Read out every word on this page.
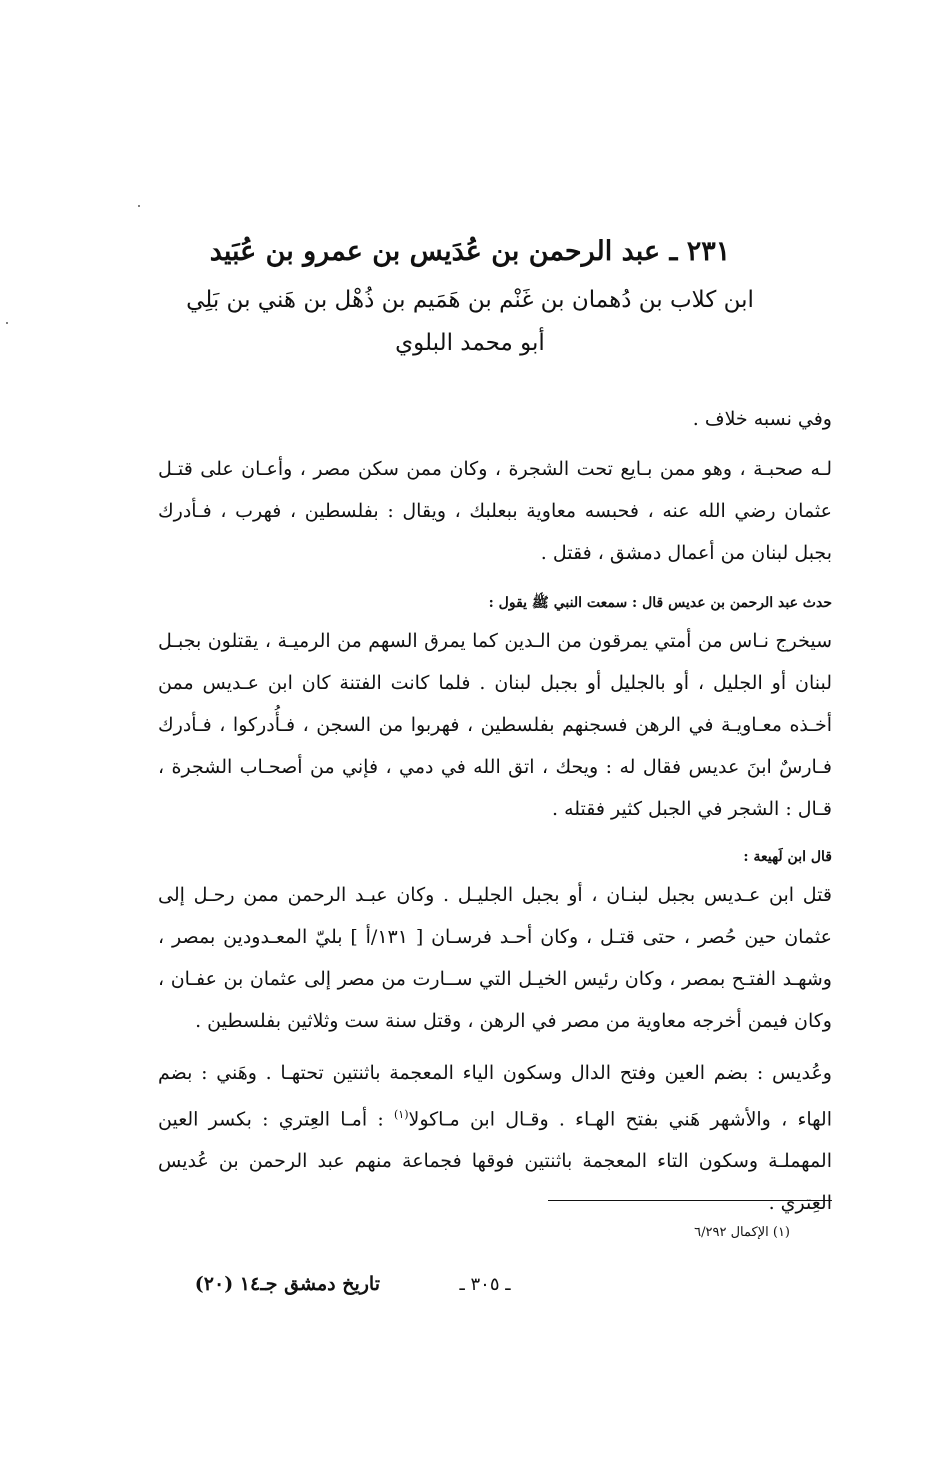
٢٣١ ـ عبد الرحمن بن عُدَيس بن عمرو بن عُبَيد
ابن كلاب بن دُهمان بن غَنْم بن هَمَيم بن ذُهْل بن هَني بن بَلِي
أبو محمد البلوي

وفي نسبه خلاف .

لـه صحبـة ، وهو ممن بـايع تحت الشجرة ، وكان ممن سكن مصر ، وأعـان على قتـل عثمان رضي الله عنه ، فحبسه معاوية ببعلبك ، ويقال : بفلسطين ، فهرب ، فـأدرك بجبل لبنان من أعمال دمشق ، فقتل .

حدث عبد الرحمن بن عديس قال : سمعت النبي ﷺ يقول :

سيخرج نـاس من أمتي يمرقون من الـدين كما يمرق السهم من الرميـة ، يقتلون بجبـل لبنان أو الجليل ، أو بالجليل أو بجبل لبنان . فلما كانت الفتنة كان ابن عـديس ممن أخـذه معـاويـة في الرهن فسجنهم بفلسطين ، فهربوا من السجن ، فـأُدركوا ، فـأدرك فـارسٌ ابنَ عديس فقال له : ويحك ، اتق الله في دمي ، فإني من أصحـاب الشجرة ، قـال : الشجر في الجبل كثير فقتله .

قال ابن لَهيعة :

قتل ابن عـديس بجبل لبنـان ، أو بجبل الجليـل . وكان عبـد الرحمن ممن رحـل إلى عثمان حين حُصر ، حتى قتـل ، وكان أحـد فرسـان [ ١٣١/أ ] بليّ المعـدودين بمصر ، وشهـد الفتـح بمصر ، وكان رئيس الخيـل التي ســارت من مصر إلى عثمان بن عفـان ، وكان فيمن أخرجه معاوية من مصر في الرهن ، وقتل سنة ست وثلاثين بفلسطين .

وعُديس : بضم العين وفتح الدال وسكون الياء المعجمة باثنتين تحتهـا . وهَني : بضم الهاء ، والأشهر هَني بفتح الهـاء . وقـال ابن مـاكولا$^{(١)}$ : أمـا العِتري : بكسر العين المهملـة وسكون التاء المعجمة باثنتين فوقها فجماعة منهم عبد الرحمن بن عُديس العِتري .

(١) الإكمال ٦/٢٩٢
ـ ٣٠٥ ـ
تاريخ دمشق جـ١٤ (٢٠)
